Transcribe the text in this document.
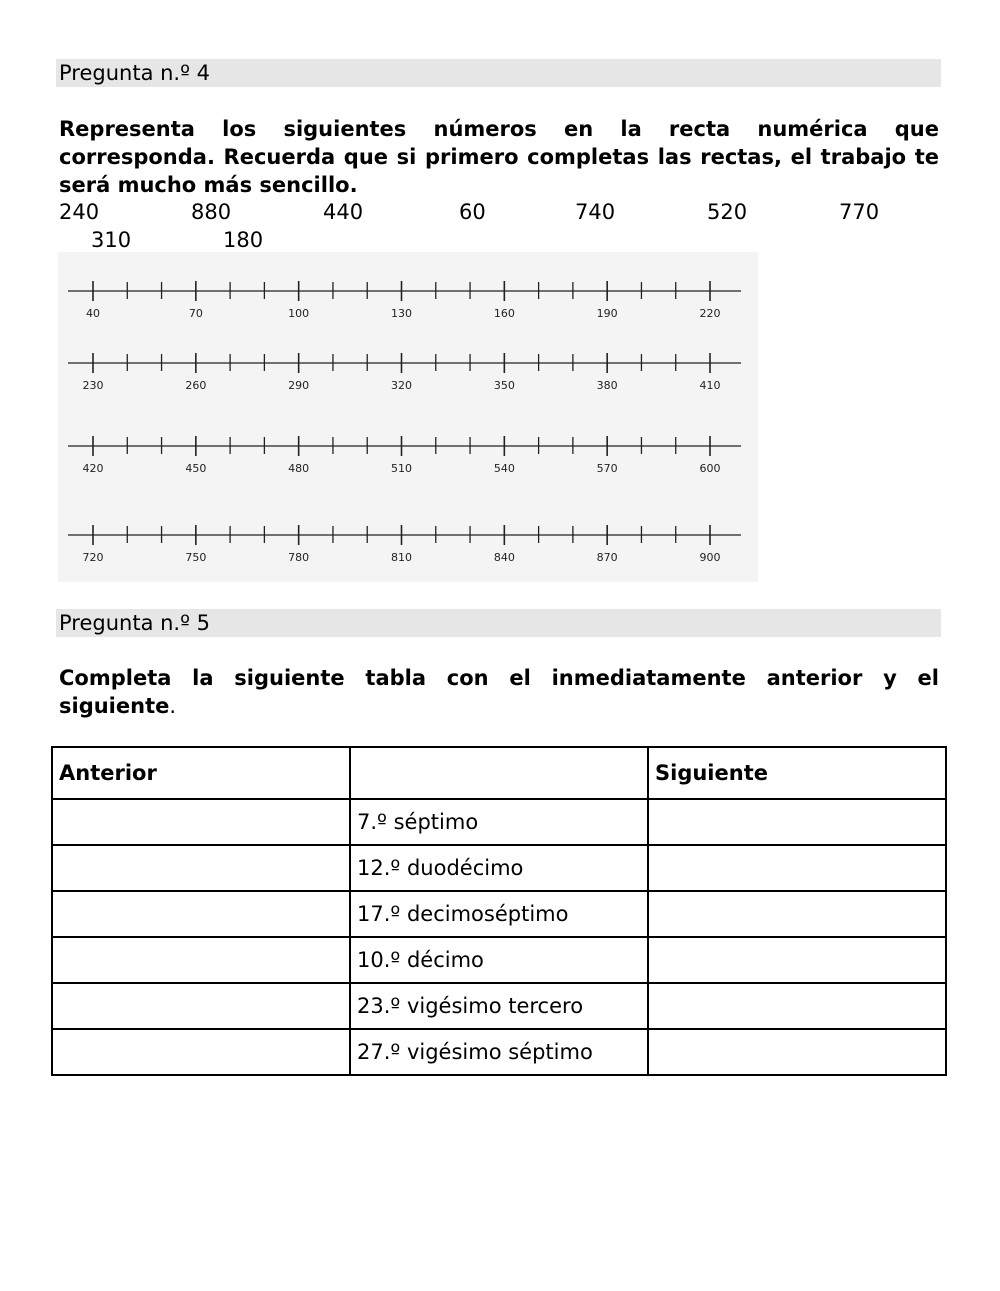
Pregunta n.º 4

Representa los siguientes números en la recta numérica que corresponda. Recuerda que si primero completas las rectas, el trabajo te será mucho más sencillo.

240	880	440	60	740	520	770
310	180
40	70	100	130	160	190	220
230	260	290	320	350	380	410
420	450	480	510	540	570	600
720	750	780	810	840	870	900
Pregunta n.º 5

Completa la siguiente tabla con el inmediatamente anterior y el siguiente.

Anterior		Siguiente
	7.º séptimo	
	12.º duodécimo	
	17.º decimoséptimo	
	10.º décimo	
	23.º vigésimo tercero	
	27.º vigésimo séptimo	
